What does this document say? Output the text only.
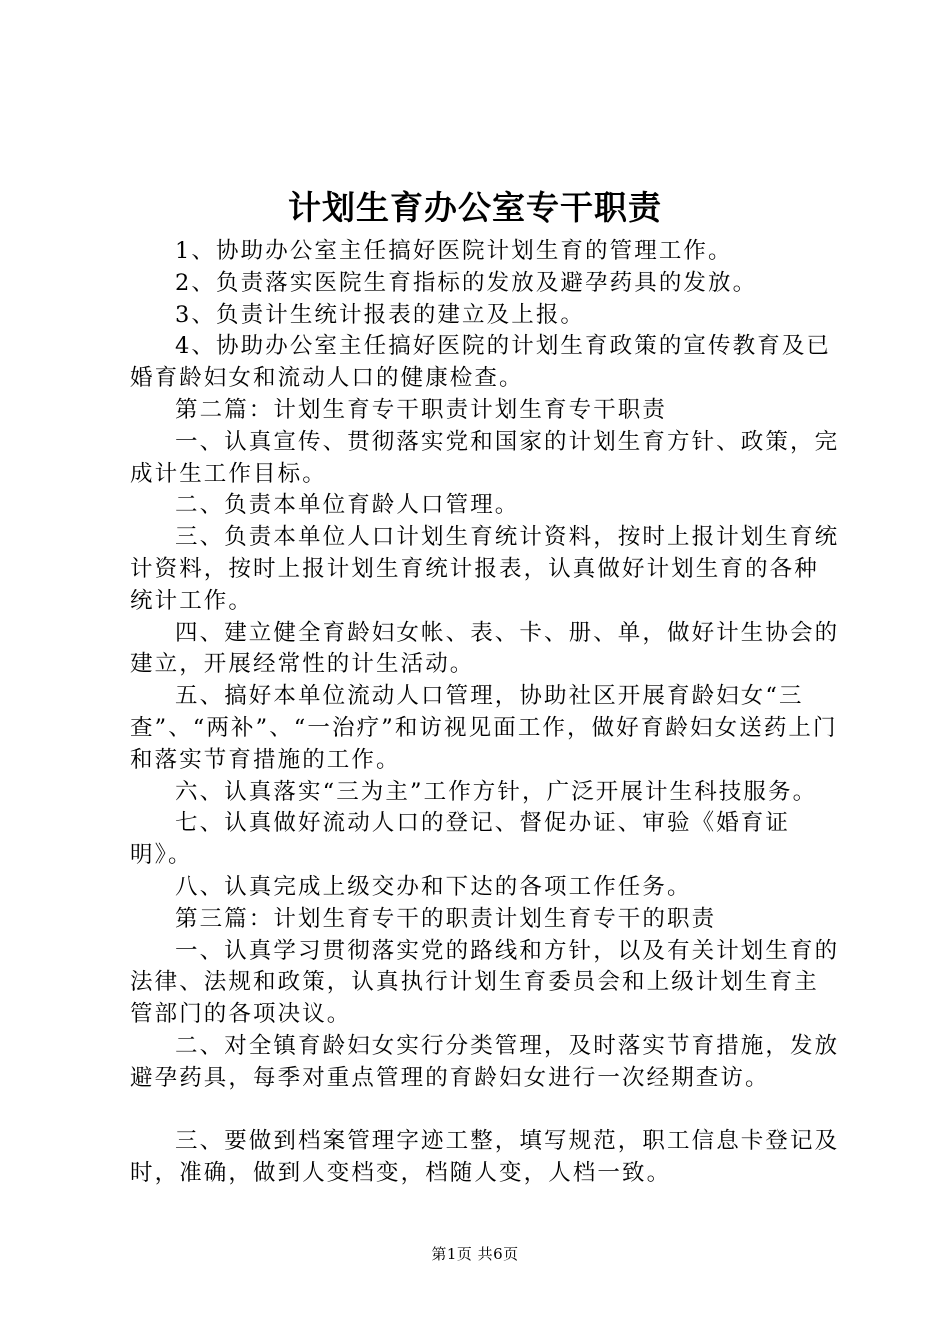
计划生育办公室专干职责

1、协助办公室主任搞好医院计划生育的管理工作。

2、负责落实医院生育指标的发放及避孕药具的发放。

3、负责计生统计报表的建立及上报。

4、协助办公室主任搞好医院的计划生育政策的宣传教育及已婚育龄妇女和流动人口的健康检查。

第二篇：计划生育专干职责计划生育专干职责

一、认真宣传、贯彻落实党和国家的计划生育方针、政策，完成计生工作目标。

二、负责本单位育龄人口管理。

三、负责本单位人口计划生育统计资料，按时上报计划生育统计资料，按时上报计划生育统计报表，认真做好计划生育的各种统计工作。

四、建立健全育龄妇女帐、表、卡、册、单，做好计生协会的建立，开展经常性的计生活动。

五、搞好本单位流动人口管理，协助社区开展育龄妇女“三查”、“两补”、“一治疗”和访视见面工作，做好育龄妇女送药上门和落实节育措施的工作。

六、认真落实“三为主”工作方针，广泛开展计生科技服务。

七、认真做好流动人口的登记、督促办证、审验《婚育证明》。

八、认真完成上级交办和下达的各项工作任务。

第三篇：计划生育专干的职责计划生育专干的职责

一、认真学习贯彻落实党的路线和方针，以及有关计划生育的法律、法规和政策，认真执行计划生育委员会和上级计划生育主管部门的各项决议。

二、对全镇育龄妇女实行分类管理，及时落实节育措施，发放避孕药具，每季对重点管理的育龄妇女进行一次经期查访。

三、要做到档案管理字迹工整，填写规范，职工信息卡登记及时，准确，做到人变档变，档随人变，人档一致。

第1页 共6页
